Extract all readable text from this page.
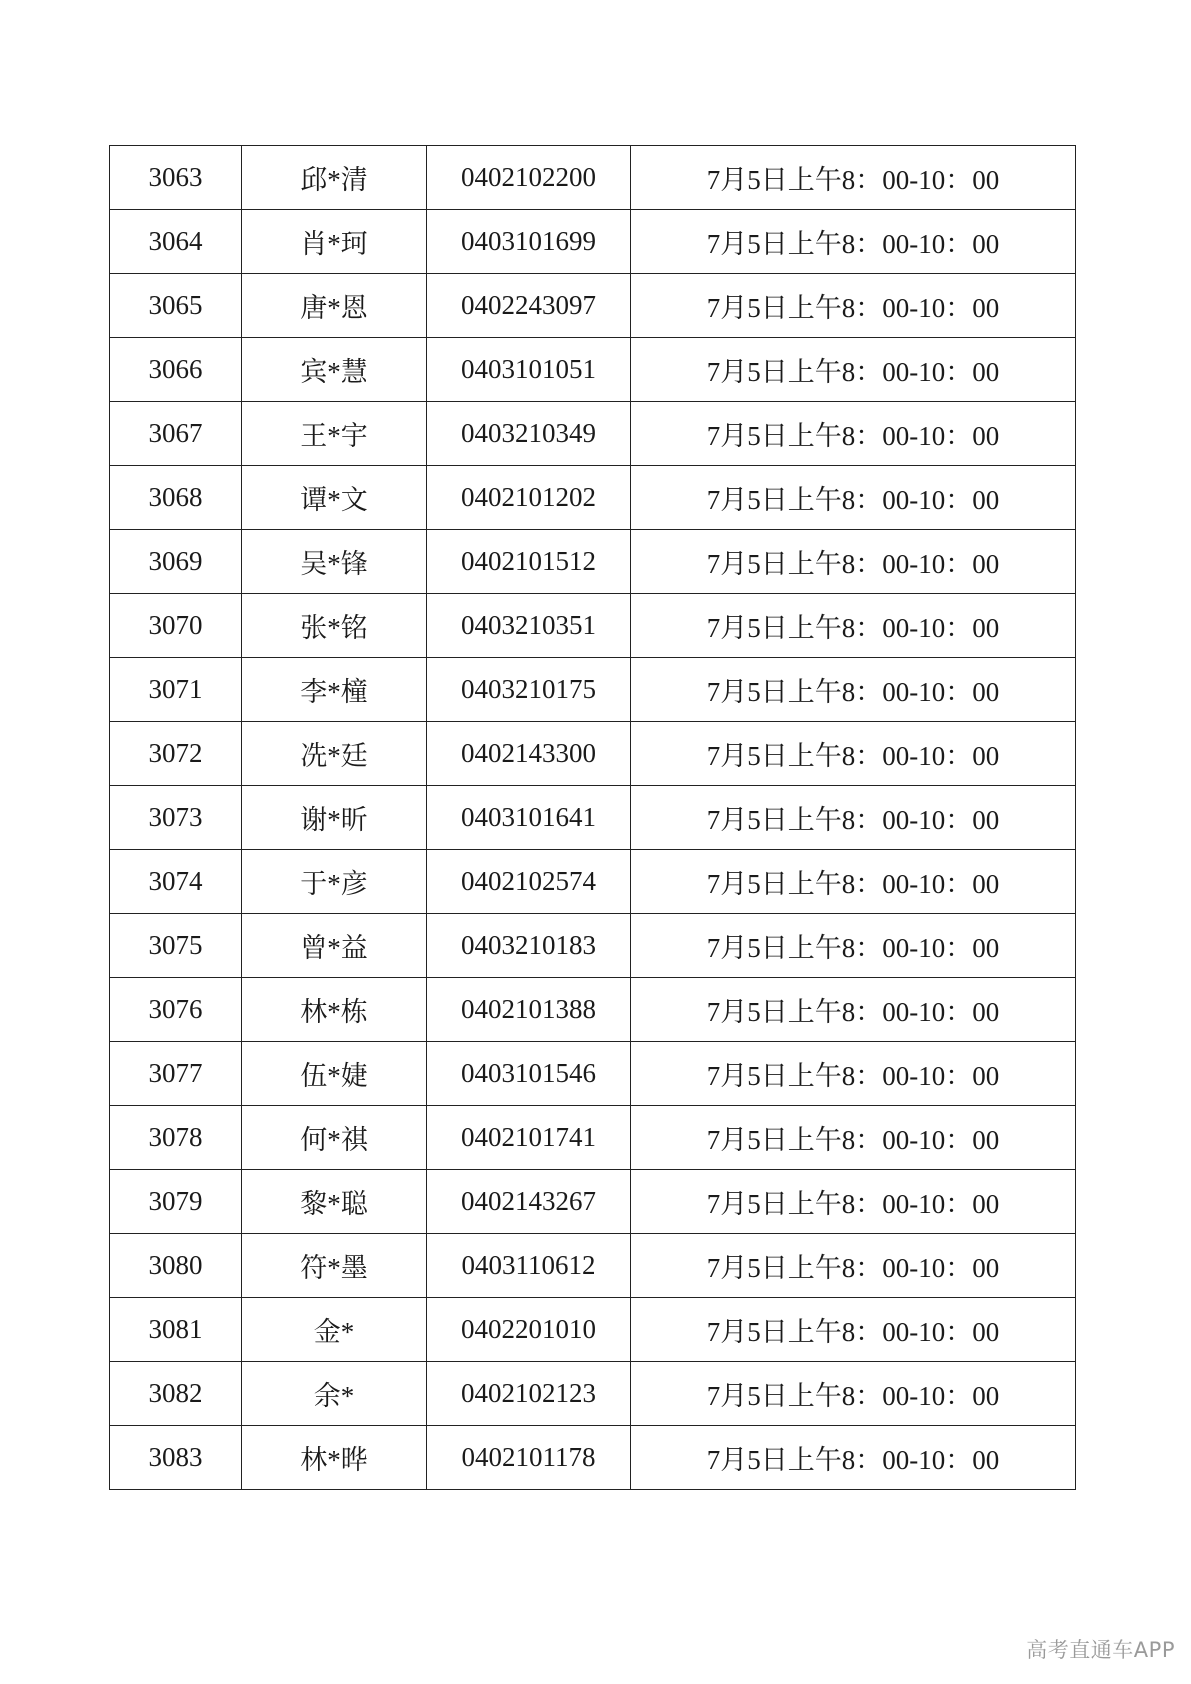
3063	邱*清	0402102200	7月5日上午8：00-10：00
3064	肖*珂	0403101699	7月5日上午8：00-10：00
3065	唐*恩	0402243097	7月5日上午8：00-10：00
3066	宾*慧	0403101051	7月5日上午8：00-10：00
3067	王*宇	0403210349	7月5日上午8：00-10：00
3068	谭*文	0402101202	7月5日上午8：00-10：00
3069	吴*锋	0402101512	7月5日上午8：00-10：00
3070	张*铭	0403210351	7月5日上午8：00-10：00
3071	李*橦	0403210175	7月5日上午8：00-10：00
3072	冼*廷	0402143300	7月5日上午8：00-10：00
3073	谢*昕	0403101641	7月5日上午8：00-10：00
3074	于*彦	0402102574	7月5日上午8：00-10：00
3075	曾*益	0403210183	7月5日上午8：00-10：00
3076	林*栋	0402101388	7月5日上午8：00-10：00
3077	伍*婕	0403101546	7月5日上午8：00-10：00
3078	何*祺	0402101741	7月5日上午8：00-10：00
3079	黎*聪	0402143267	7月5日上午8：00-10：00
3080	符*墨	0403110612	7月5日上午8：00-10：00
3081	金*	0402201010	7月5日上午8：00-10：00
3082	余*	0402102123	7月5日上午8：00-10：00
3083	林*晔	0402101178	7月5日上午8：00-10：00
高考直通车APP
